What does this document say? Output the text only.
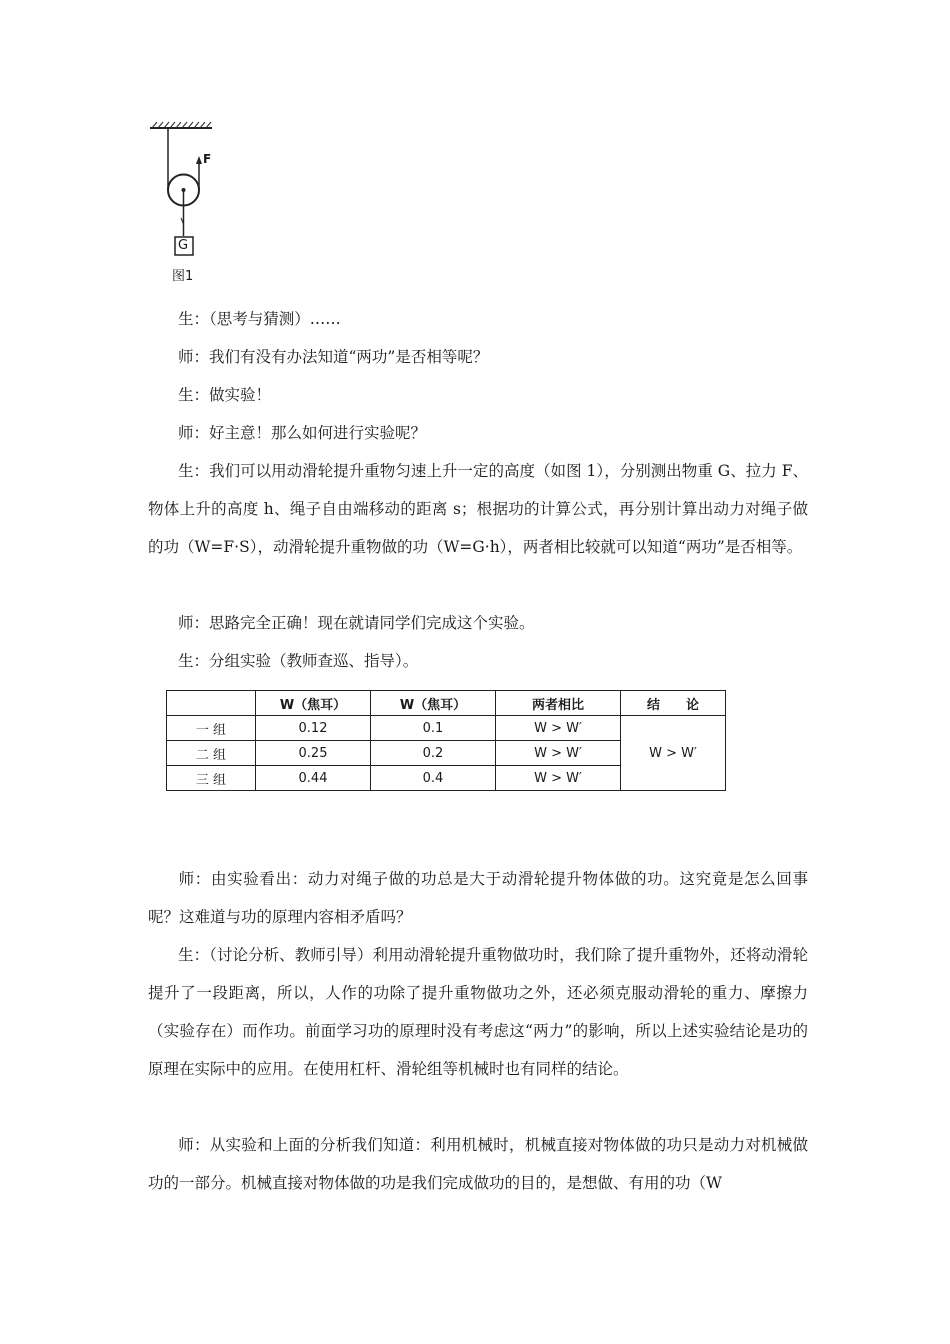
F
G
图1

生：（思考与猜测）……

师：我们有没有办法知道“两功”是否相等呢？

生：做实验！

师：好主意！那么如何进行实验呢？

生：我们可以用动滑轮提升重物匀速上升一定的高度（如图 1），分别测出物重 G、拉力 F、物体上升的高度 h、绳子自由端移动的距离 s；根据功的计算公式，再分别计算出动力对绳子做的功（W=F·S），动滑轮提升重物做的功（W=G·h），两者相比较就可以知道“两功”是否相等。

师：思路完全正确！现在就请同学们完成这个实验。

生：分组实验（教师查巡、指导）。

	W（焦耳）	W（焦耳）	两者相比	结　　论
一 组	0.12	0.1	W > W′	W > W′
二 组	0.25	0.2	W > W′	
三 组	0.44	0.4	W > W′	

师：由实验看出：动力对绳子做的功总是大于动滑轮提升物体做的功。这究竟是怎么回事呢？这难道与功的原理内容相矛盾吗？

生：（讨论分析、教师引导）利用动滑轮提升重物做功时，我们除了提升重物外，还将动滑轮提升了一段距离，所以，人作的功除了提升重物做功之外，还必须克服动滑轮的重力、摩擦力（实验存在）而作功。前面学习功的原理时没有考虑这“两力”的影响，所以上述实验结论是功的原理在实际中的应用。在使用杠杆、滑轮组等机械时也有同样的结论。

师：从实验和上面的分析我们知道：利用机械时，机械直接对物体做的功只是动力对机械做功的一部分。机械直接对物体做的功是我们完成做功的目的，是想做、有用的功（W
